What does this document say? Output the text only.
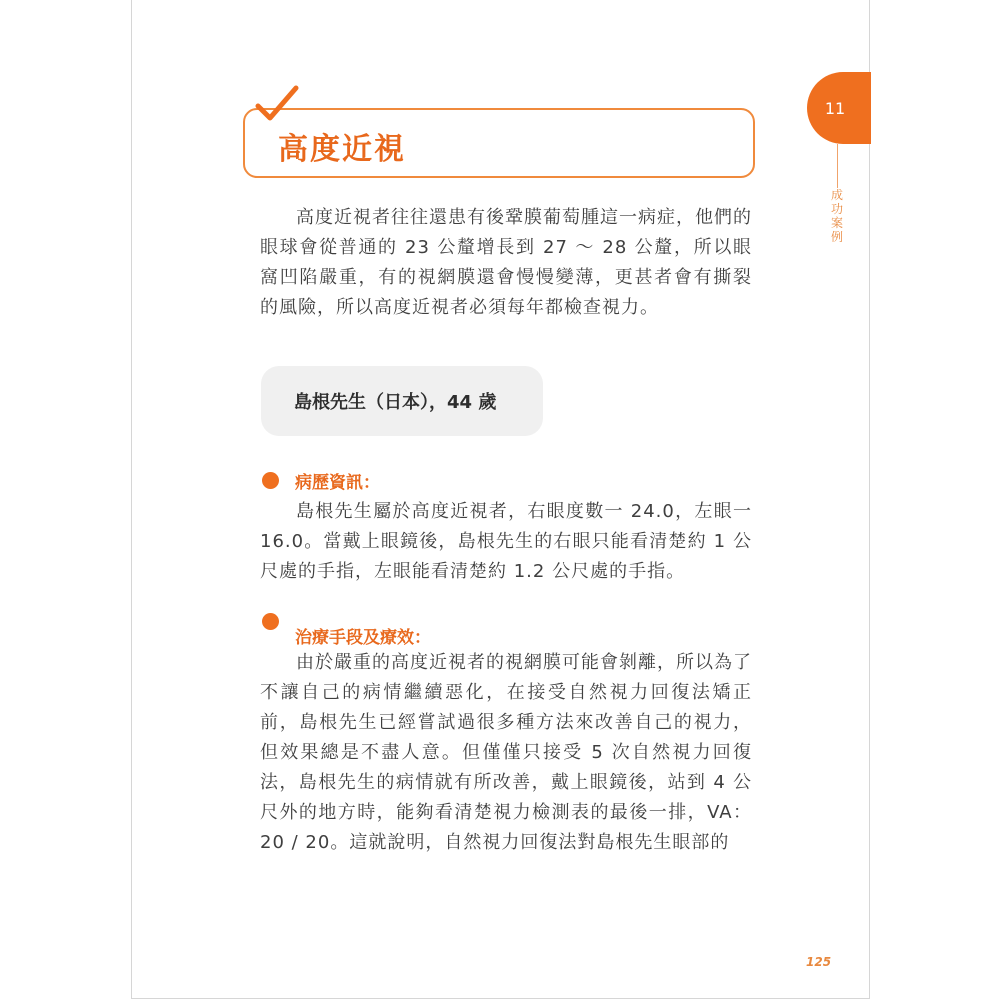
11
成功案例
高度近視

高度近視者往往還患有後鞏膜葡萄腫這一病症，他們的眼球會從普通的 23 公釐增長到 27 ～ 28 公釐，所以眼窩凹陷嚴重，有的視網膜還會慢慢變薄，更甚者會有撕裂的風險，所以高度近視者必須每年都檢查視力。

島根先生（日本），44 歲
病歷資訊：

島根先生屬於高度近視者，右眼度數一 24.0，左眼一 16.0。當戴上眼鏡後，島根先生的右眼只能看清楚約 1 公尺處的手指，左眼能看清楚約 1.2 公尺處的手指。

治療手段及療效：

由於嚴重的高度近視者的視網膜可能會剝離，所以為了不讓自己的病情繼續惡化，在接受自然視力回復法矯正前，島根先生已經嘗試過很多種方法來改善自己的視力，但效果總是不盡人意。但僅僅只接受 5 次自然視力回復法，島根先生的病情就有所改善，戴上眼鏡後，站到 4 公尺外的地方時，能夠看清楚視力檢測表的最後一排，VA：20 / 20。這就說明，自然視力回復法對島根先生眼部的

125
